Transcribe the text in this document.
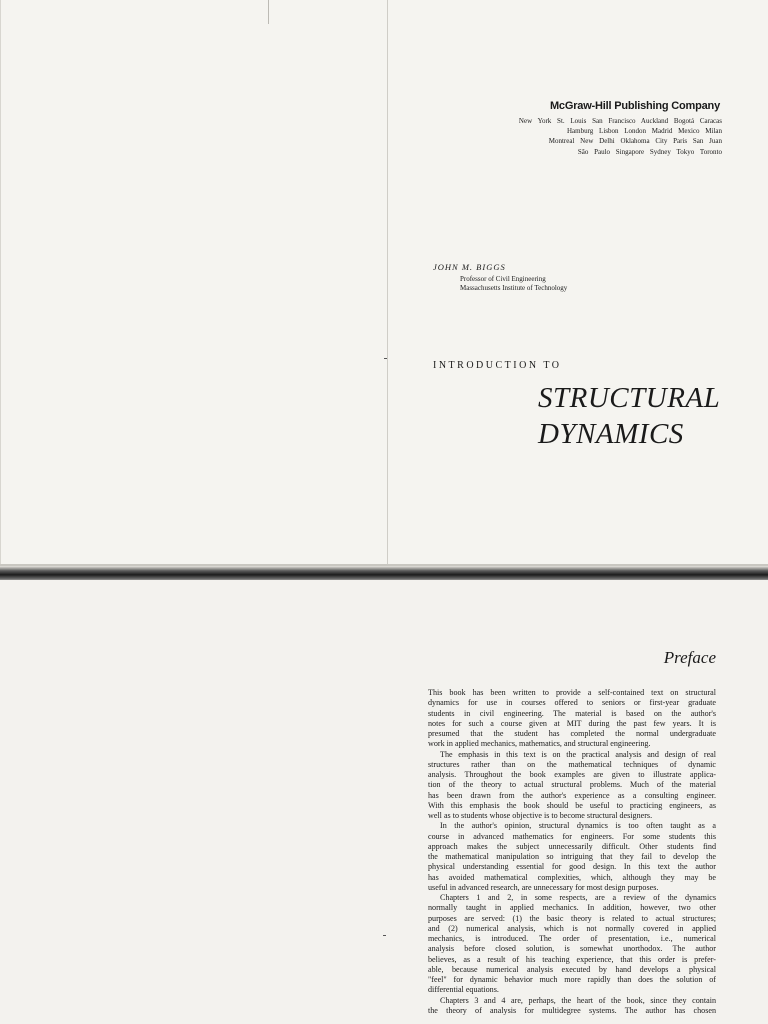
McGraw-Hill Publishing Company
New York St. Louis San Francisco Auckland Bogotá Caracas
Hamburg Lisbon London Madrid Mexico Milan
Montreal New Delhi Oklahoma City Paris San Juan
São Paulo Singapore Sydney Tokyo Toronto
JOHN M. BIGGS
Professor of Civil Engineering
Massachusetts Institute of Technology
INTRODUCTION TO
STRUCTURAL
DYNAMICS
Preface

This book has been written to provide a self-contained text on structural
dynamics for use in courses offered to seniors or first-year graduate
students in civil engineering. The material is based on the author's
notes for such a course given at MIT during the past few years. It is
presumed that the student has completed the normal undergraduate
work in applied mechanics, mathematics, and structural engineering.

The emphasis in this text is on the practical analysis and design of real
structures rather than on the mathematical techniques of dynamic
analysis. Throughout the book examples are given to illustrate applica-
tion of the theory to actual structural problems. Much of the material
has been drawn from the author's experience as a consulting engineer.
With this emphasis the book should be useful to practicing engineers, as
well as to students whose objective is to become structural designers.

In the author's opinion, structural dynamics is too often taught as a
course in advanced mathematics for engineers. For some students this
approach makes the subject unnecessarily difficult. Other students find
the mathematical manipulation so intriguing that they fail to develop the
physical understanding essential for good design. In this text the author
has avoided mathematical complexities, which, although they may be
useful in advanced research, are unnecessary for most design purposes.

Chapters 1 and 2, in some respects, are a review of the dynamics
normally taught in applied mechanics. In addition, however, two other
purposes are served: (1) the basic theory is related to actual structures;
and (2) numerical analysis, which is not normally covered in applied
mechanics, is introduced. The order of presentation, i.e., numerical
analysis before closed solution, is somewhat unorthodox. The author
believes, as a result of his teaching experience, that this order is prefer-
able, because numerical analysis executed by hand develops a physical
"feel" for dynamic behavior much more rapidly than does the solution of
differential equations.

Chapters 3 and 4 are, perhaps, the heart of the book, since they contain
the theory of analysis for multidegree systems. The author has chosen
